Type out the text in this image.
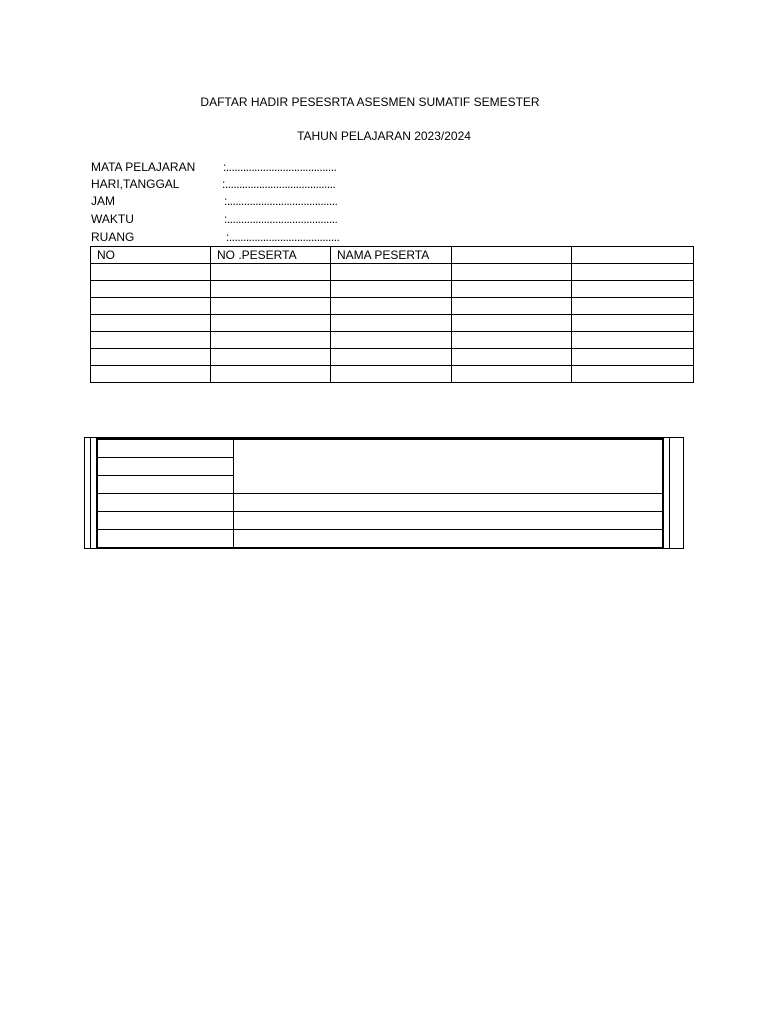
DAFTAR HADIR PESESRTA ASESMEN SUMATIF SEMESTER
TAHUN PELAJARAN 2023/2024
MATA PELAJARAN :.......................................
HARI,TANGGAL	:.......................................
JAM	:.......................................
WAKTU	:.......................................
RUANG	:.......................................
NO	NO .PESERTA	NAMA PESERTA		
